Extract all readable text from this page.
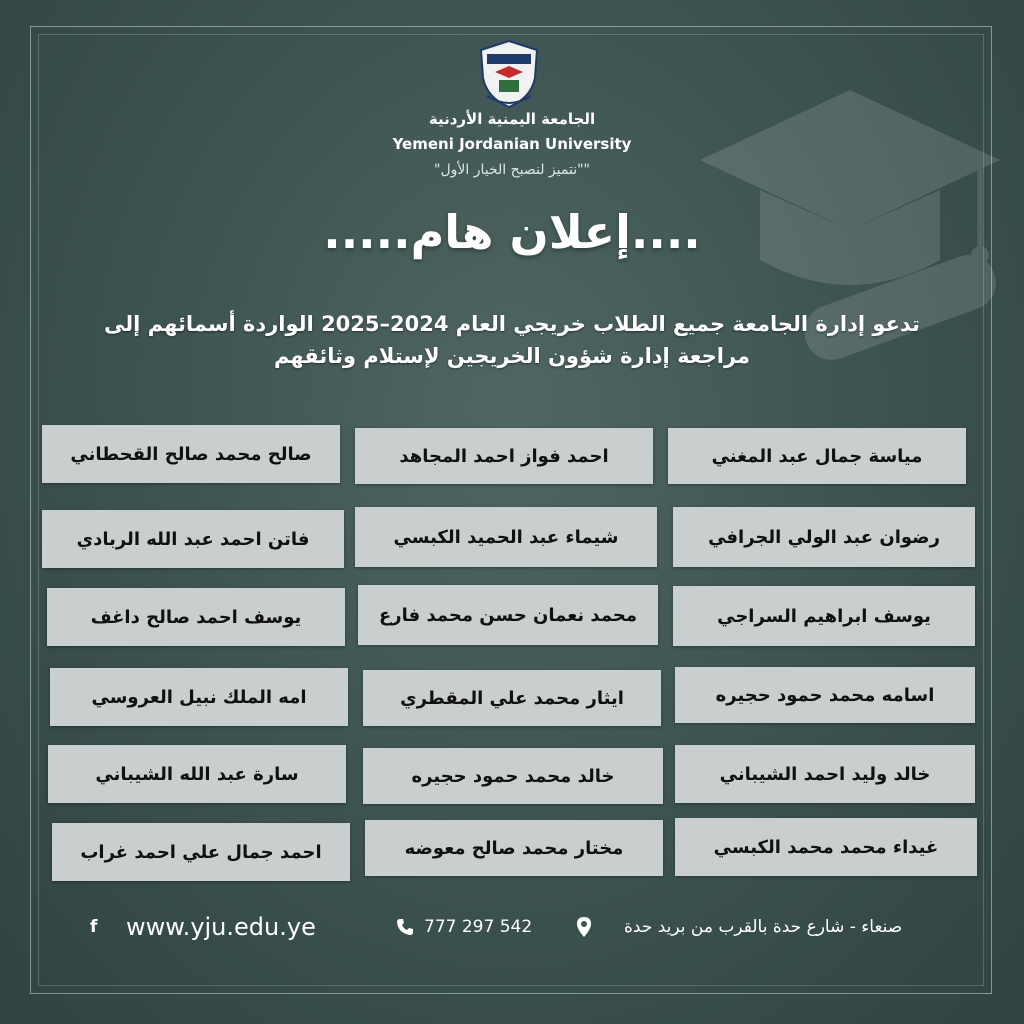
الجامعة اليمنية الأردنية
Yemeni Jordanian University
""نتميز لنصبح الخيار الأول"
....إعلان هام.....
تدعو إدارة الجامعة جميع الطلاب خريجي العام 2024–2025 الواردة أسمائهم إلى
مراجعة إدارة شؤون الخريجين لإستلام وثائقهم
صالح محمد صالح القحطاني	احمد فواز احمد المجاهد	مياسة جمال عبد المغني
فاتن احمد عبد الله الربادي	شيماء عبد الحميد الكبسي	رضوان عبد الولي الجرافي
يوسف احمد صالح داغف	محمد نعمان حسن محمد فارع	يوسف ابراهيم السراجي
امه الملك نبيل العروسي	ايثار محمد علي المقطري	اسامه محمد حمود حجيره
سارة عبد الله الشيباني	خالد محمد حمود حجيره	خالد وليد احمد الشيباني
احمد جمال علي احمد غراب	مختار محمد صالح معوضه	غيداء محمد محمد الكبسي
f www.yju.edu.ye	777 297 542	صنعاء - شارع حدة بالقرب من بريد حدة
